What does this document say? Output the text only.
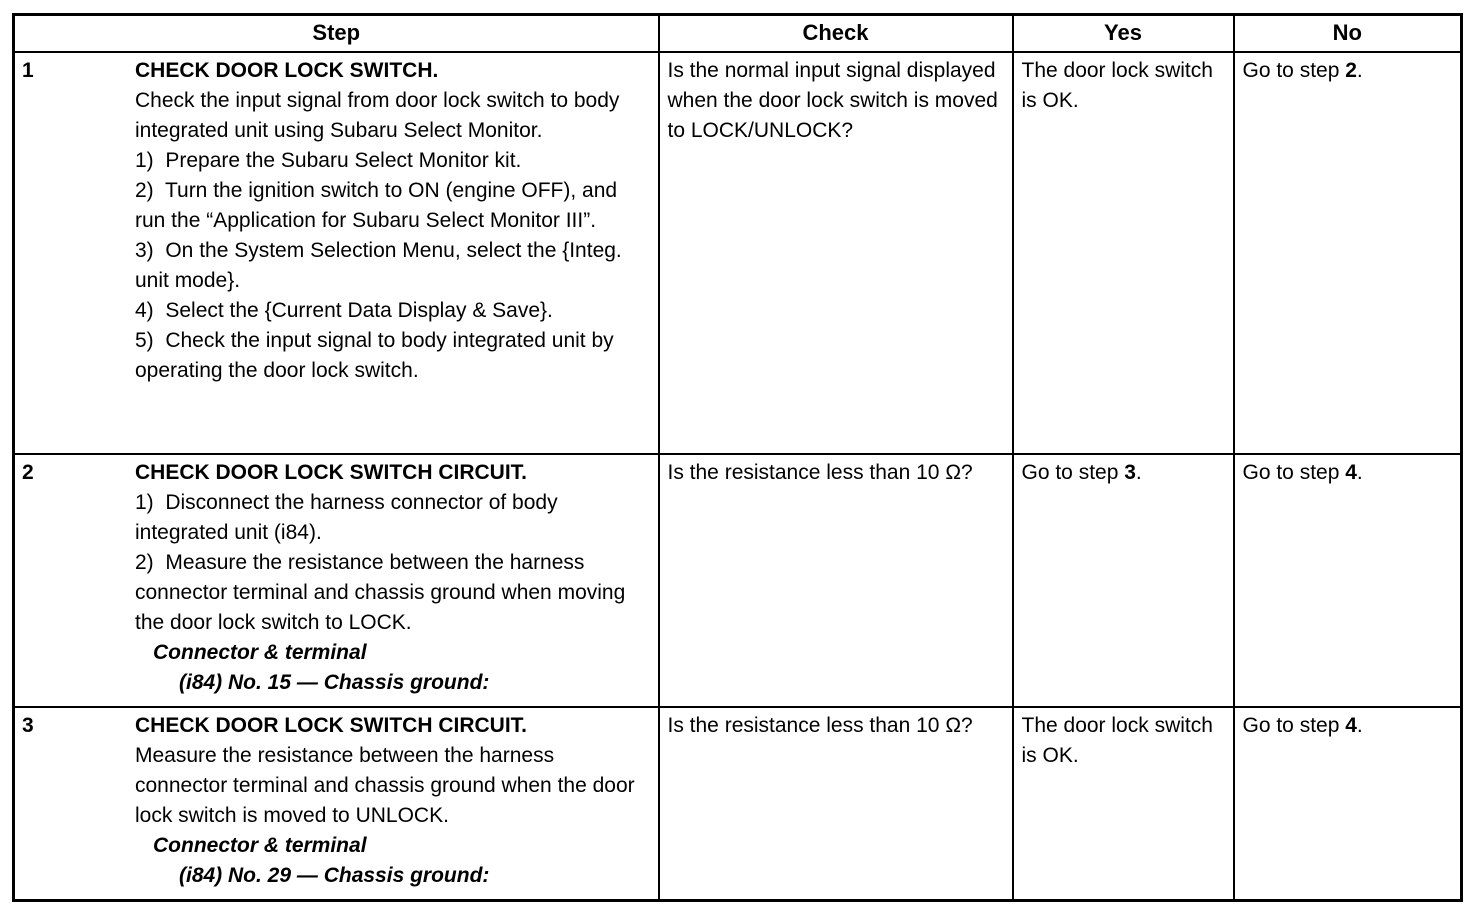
Step	Check	Yes	No

1	CHECK DOOR LOCK SWITCH.

Check the input signal from door lock switch to body integrated unit using Subaru Select Monitor.

1)  Prepare the Subaru Select Monitor kit.

2)  Turn the ignition switch to ON (engine OFF), and run the “Application for Subaru Select Monitor III”.

3)  On the System Selection Menu, select the {Integ. unit mode}.

4)  Select the {Current Data Display & Save}.

5)  Check the input signal to body integrated unit by operating the door lock switch.

	Is the normal input signal displayed when the door lock switch is moved to LOCK/UNLOCK?	The door lock switch is OK.	Go to step 2.

2	CHECK DOOR LOCK SWITCH CIRCUIT.

1)  Disconnect the harness connector of body integrated unit (i84).

2)  Measure the resistance between the harness connector terminal and chassis ground when moving the door lock switch to LOCK.

Connector & terminal

(i84) No. 15 — Chassis ground:

	Is the resistance less than 10 Ω?	Go to step 3.	Go to step 4.

3 CHECK DOOR LOCK SWITCH CIRCUIT.

Measure the resistance between the harness connector terminal and chassis ground when the door lock switch is moved to UNLOCK.

Connector & terminal

(i84) No. 29 — Chassis ground:	Is the resistance less than 10 Ω?	The door lock switch is OK.	Go to step 4.
